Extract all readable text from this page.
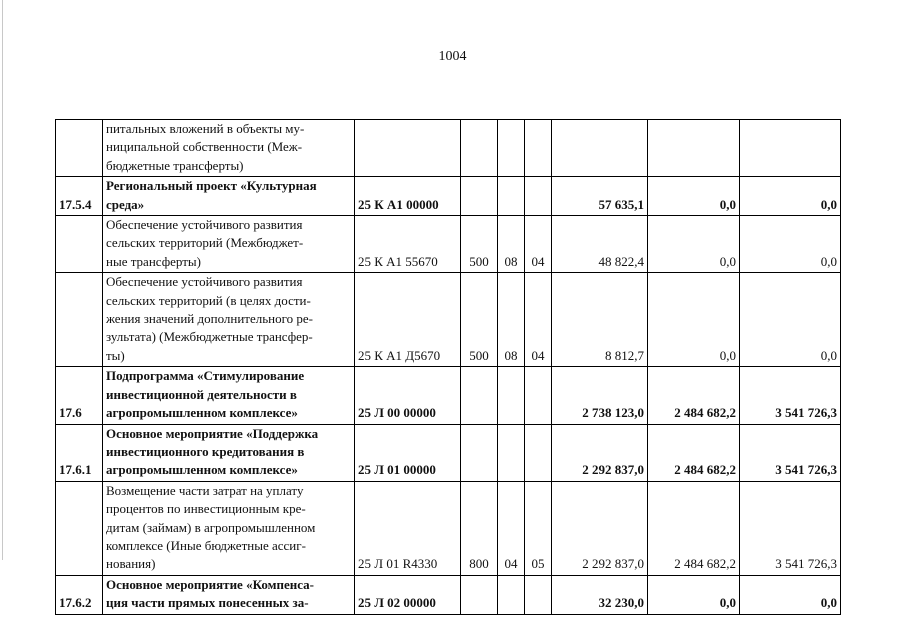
1004

	питальных вложений в объекты му-
ниципальной собственности (Меж-
бюджетные трансферты)							

17.5.4	Региональный проект «Культурная
среда»	25 К А1 00000				57 635,1	0,0	0,0

	Обеспечение устойчивого развития
сельских территорий (Межбюджет-
ные трансферты)	25 К А1 55670	500	08	04	48 822,4	0,0	0,0

	Обеспечение устойчивого развития
сельских территорий (в целях дости-
жения значений дополнительного ре-
зультата) (Межбюджетные трансфер-
ты)	25 К А1 Д5670	500	08	04	8 812,7	0,0	0,0
17.6	Подпрограмма «Стимулирование
инвестиционной деятельности в
агропромышленном комплексе»	25 Л 00 00000				2 738 123,0	2 484 682,2	3 541 726,3
17.6.1	Основное мероприятие «Поддержка
инвестиционного кредитования в
агропромышленном комплексе»	25 Л 01 00000				2 292 837,0	2 484 682,2	3 541 726,3

	Возмещение части затрат на уплату
процентов по инвестиционным кре-
дитам (займам) в агропромышленном
комплексе (Иные бюджетные ассиг-
нования)	25 Л 01 R4330	800	04	05	2 292 837,0	2 484 682,2	3 541 726,3
17.6.2	Основное мероприятие «Компенса-
ция части прямых понесенных за-	25 Л 02 00000				32 230,0	0,0	0,0
